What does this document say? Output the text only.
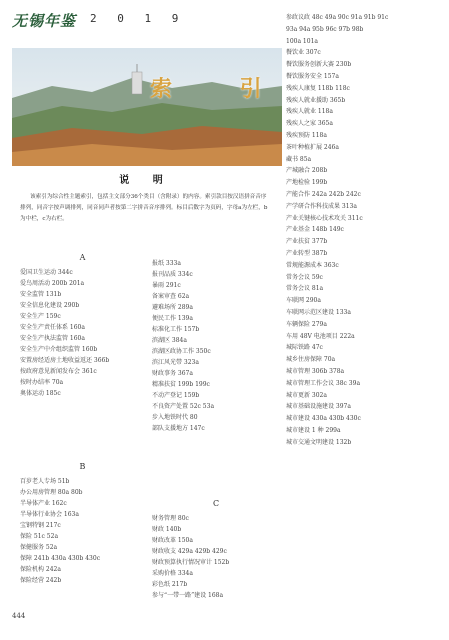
无锡年鉴 2 0 1 9
索 引
说 明

该索引为综合性主题索引，包括主文部分36个类目（含附录）的内容。索引款目按汉语拼音音序排列，同音字按声调排列，同音同声者按第二字拼音音序排列。标目后数字为页码，字母a为左栏，b为中栏，c为右栏。

A
爱国卫生运动 344c
爱鸟周活动 200b 201a
安全监管 131b
安全信息化建设 290b
安全生产 159c
安全生产责任体系 160a
安全生产执法监管 160a
安全生产中介组织监管 160b
安置房经适房土地收益返还 366b
按政府意见新闻发布会 361c
按时办结率 70a
奥体运动 185c
报纸 333a
报刊品质 334c
暴雨 291c
备案审查 62a
避难场所 289a
便民工作 139a
标准化工作 157b
滨湖区 384a
滨湖区政协工作 350c
滨江风光带 323a
财政事务 367a
精准扶贫 199b 199c
不动产登记 159b
不良资产处置 52c 53a
步入地铁时代 80
部队支援地方 147c
B
百岁老人专场 51b
办公用房管理 80a 80b
半导体产业 162c
半导体行业协会 163a
宝钢特钢 217c
保险 51c 52a
保健服务 52a
保障 241b 430a 430b 430c
保险机构 242a
保险经营 242b
C
财务管理 80c
财政 140b
财政改革 150a
财政收支 429a 429b 429c
财政预算执行情况审计 152b
采购价格 334a
彩色纸 217b
参与“一带一路”建设 168a
参政议政 48c 49a 90c 91a 91b 91c
93a 94a 95b 96c 97b 98b
100a 101a
餐饮业 307c
餐饮服务创新大赛 230b
餐饮服务安全 157a
残疾人康复 118b 118c
残疾人就业援助 365b
残疾人就业 118a
残疾人之家 365a
残疾预防 118a
茶叶种植扩展 246a
藏书 85a
产城融合 208b
产地检验 199b
产能合作 242a 242b 242c
产学研合作科技成果 313a
产业关键核心技术攻关 311c
产业基金 148b 149c
产业扶贫 377b
产业转型 387b
常规能源成本 363c
常务会议 59c
常务会议 81a
车联网 290a
车联网示范区建设 133a
车辆保险 279a
车用 48V 电池项目 222a
城际铁路 47c
城乡住房保障 70a
城市管理 306b 378a
城市管理工作会议 38c 39a
城市更新 302a
城市基础设施建设 397a
城市建设 430a 430b 430c
城市建设 1 种 299a
城市交通文明建设 132b
444
